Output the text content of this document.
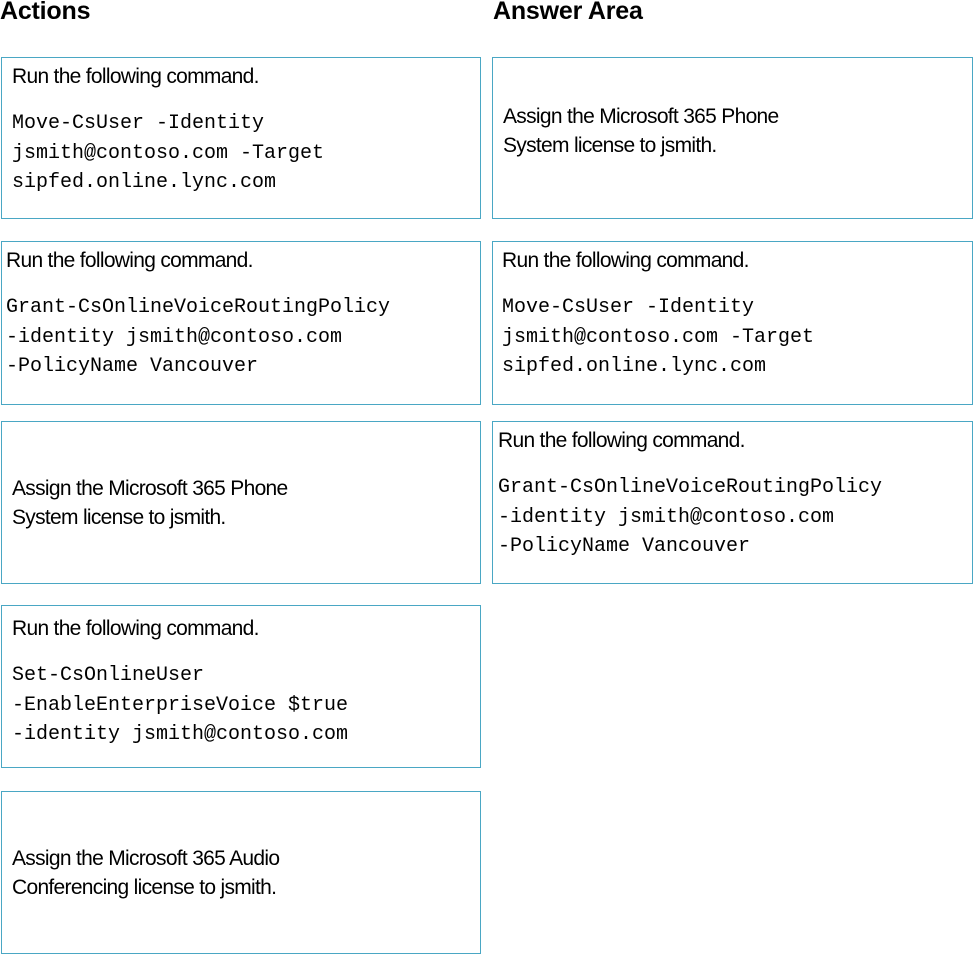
Actions	Answer Area
Run the following command.
Move-CsUser -Identity
jsmith@contoso.com -Target
sipfed.online.lync.com
Run the following command.
Grant-CsOnlineVoiceRoutingPolicy
-identity jsmith@contoso.com
-PolicyName Vancouver
Assign the Microsoft 365 Phone
System license to jsmith.
Run the following command.
Set-CsOnlineUser
-EnableEnterpriseVoice $true
-identity jsmith@contoso.com
Assign the Microsoft 365 Audio
Conferencing license to jsmith.
Assign the Microsoft 365 Phone
System license to jsmith.
Run the following command.
Move-CsUser -Identity
jsmith@contoso.com -Target
sipfed.online.lync.com
Run the following command.
Grant-CsOnlineVoiceRoutingPolicy
-identity jsmith@contoso.com
-PolicyName Vancouver
